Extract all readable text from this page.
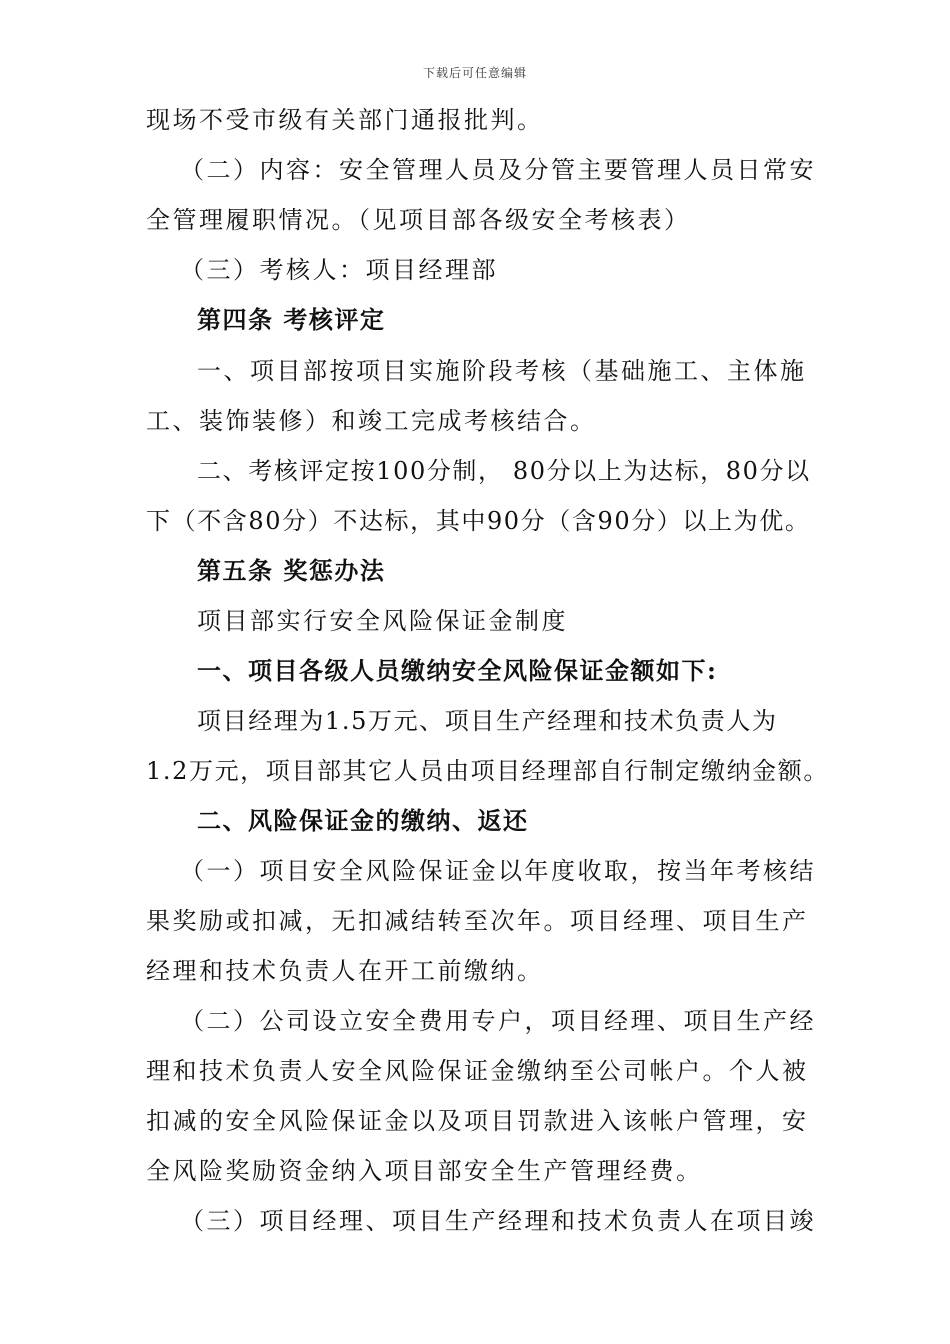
下载后可任意编辑
现场不受市级有关部门通报批判。
（二）内容：安全管理人员及分管主要管理人员日常安
全管理履职情况。（见项目部各级安全考核表）
（三）考核人：项目经理部
第四条 考核评定
一、项目部按项目实施阶段考核（基础施工、主体施
工、装饰装修）和竣工完成考核结合。
二、考核评定按100分制， 80分以上为达标，80分以
下（不含80分）不达标，其中90分（含90分）以上为优。
第五条 奖惩办法
项目部实行安全风险保证金制度
一、项目各级人员缴纳安全风险保证金额如下:
项目经理为1.5万元、项目生产经理和技术负责人为
1.2万元，项目部其它人员由项目经理部自行制定缴纳金额。
二、风险保证金的缴纳、返还
（一）项目安全风险保证金以年度收取，按当年考核结
果奖励或扣减，无扣减结转至次年。项目经理、项目生产
经理和技术负责人在开工前缴纳。
（二）公司设立安全费用专户，项目经理、项目生产经
理和技术负责人安全风险保证金缴纳至公司帐户。个人被
扣减的安全风险保证金以及项目罚款进入该帐户管理，安
全风险奖励资金纳入项目部安全生产管理经费。
（三）项目经理、项目生产经理和技术负责人在项目竣
